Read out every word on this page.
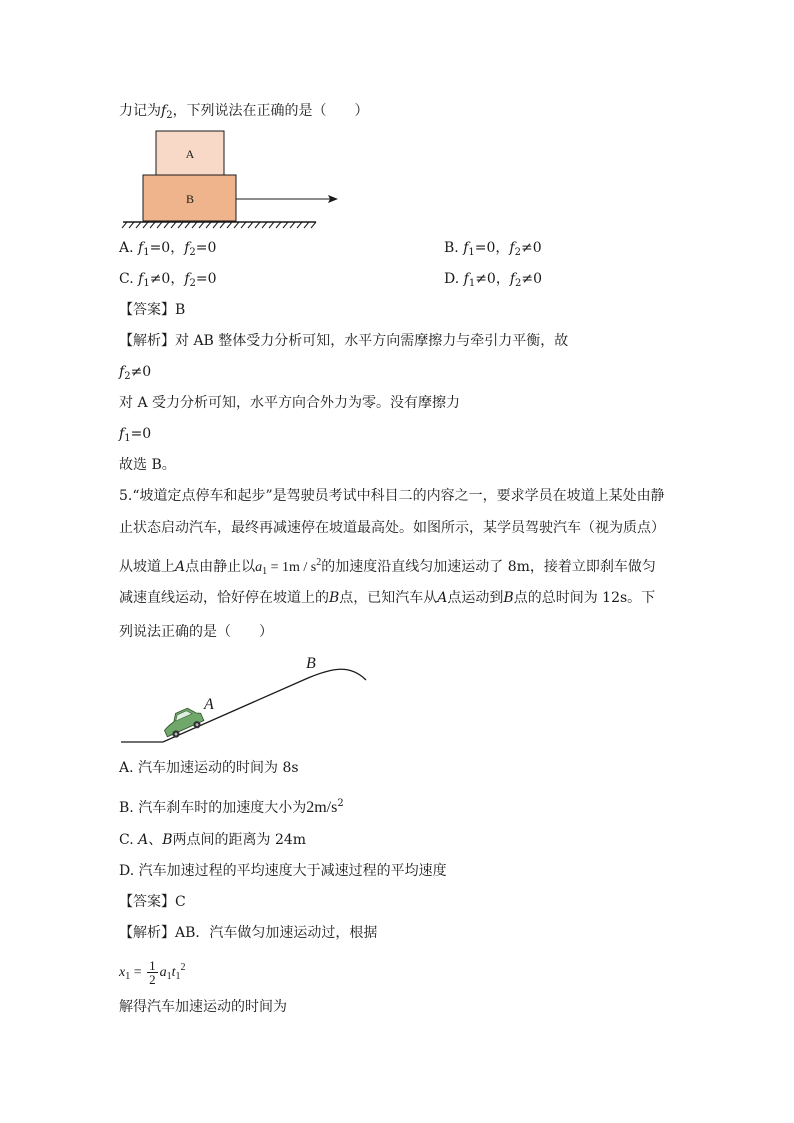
力记为$f_2$，下列说法在正确的是（　　）
A
B
A. $f_1=0$，$f_2=0$	B. $f_1=0$，$f_2\ne 0$
C. $f_1\ne 0$，$f_2=0$	D. $f_1\ne 0$，$f_2\ne 0$
【答案】B
【解析】对 AB 整体受力分析可知，水平方向需摩擦力与牵引力平衡，故
$f_2\ne 0$
对 A 受力分析可知，水平方向合外力为零。没有摩擦力
$f_1=0$
故选 B。
5.“坡道定点停车和起步”是驾驶员考试中科目二的内容之一，要求学员在坡道上某处由静
止状态启动汽车，最终再减速停在坡道最高处。如图所示，某学员驾驶汽车（视为质点）
从坡道上A点由静止以$a_1 = 1m / s^2$的加速度沿直线匀加速运动了 8m，接着立即刹车做匀
减速直线运动，恰好停在坡道上的B点，已知汽车从A点运动到B点的总时间为 12s。下
列说法正确的是（　　）
B
A
A. 汽车加速运动的时间为 8s
B. 汽车刹车时的加速度大小为$2m/s^2$
C. A、B两点间的距离为 24m
D. 汽车加速过程的平均速度大于减速过程的平均速度
【答案】C
【解析】AB．汽车做匀加速运动过，根据
$x_1 = \frac{1}{2} a_1t_1^2$
解得汽车加速运动的时间为
